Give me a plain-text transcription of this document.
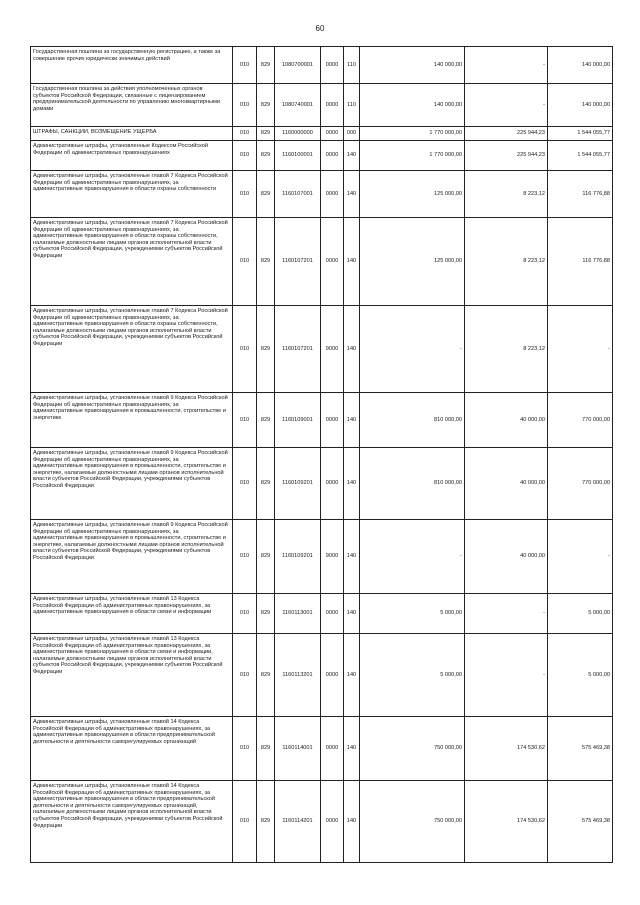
60
Государственная пошлина за государственную регистрацию, а также за совершение прочих юридически значимых действий	010	829	1080700001	0000	110	140 000,00	-	140 000,00
Государственная пошлина за действия уполномоченных органов субъектов Российской Федерации, связанные с лицензированием предпринимательской деятельности по управлению многоквартирными домами	010	829	1080740001	0000	110	140 000,00	-	140 000,00
ШТРАФЫ, САНКЦИИ, ВОЗМЕЩЕНИЕ УЩЕРБА	010	829	1160000000	0000	000	1 770 000,00	225 944,23	1 544 055,77
Административные штрафы, установленные Кодексом Российской Федерации об административных правонарушениях	010	829	1160100001	0000	140	1 770 000,00	225 944,23	1 544 055,77
Административные штрафы, установленные главой 7 Кодекса Российской Федерации об административных правонарушениях, за административные правонарушения в области охраны собственности	010	829	1160107001	0000	140	125 000,00	8 223,12	116 776,88
Административные штрафы, установленные главой 7 Кодекса Российской Федерации об административных правонарушениях, за административные правонарушения в области охраны собственности, налагаемые должностными лицами органов исполнительной власти субъектов Российской Федерации, учреждениями субъектов Российской Федерации	010	829	1160107201	0000	140	125 000,00	8 223,12	116 776,88
Административные штрафы, установленные главой 7 Кодекса Российской Федерации об административных правонарушениях, за административные правонарушения в области охраны собственности, налагаемые должностными лицами органов исполнительной власти субъектов Российской Федерации, учреждениями субъектов Российской Федерации	010	829	1160107201	9000	140	-	8 223,12	-
Административные штрафы, установленные главой 9 Кодекса Российской Федерации об административных правонарушениях, за административные правонарушения в промышленности, строительстве и энергетике	010	829	1160109001	0000	140	810 000,00	40 000,00	770 000,00
Административные штрафы, установленные главой 9 Кодекса Российской Федерации об административных правонарушениях, за административные правонарушения в промышленности, строительстве и энергетике, налагаемые должностными лицами органов исполнительной власти субъектов Российской Федерации, учреждениями субъектов Российской Федерации	010	829	1160109201	0000	140	810 000,00	40 000,00	770 000,00
Административные штрафы, установленные главой 9 Кодекса Российской Федерации об административных правонарушениях, за административные правонарушения в промышленности, строительстве и энергетике, налагаемые должностными лицами органов исполнительной власти субъектов Российской Федерации, учреждениями субъектов Российской Федерации	010	829	1160109201	9000	140	-	40 000,00	-
Административные штрафы, установленные главой 13 Кодекса Российской Федерации об административных правонарушениях, за административные правонарушения в области связи и информации	010	829	1160113001	0000	140	5 000,00	-	5 000,00
Административные штрафы, установленные главой 13 Кодекса Российской Федерации об административных правонарушениях, за административные правонарушения в области связи и информации, налагаемые должностными лицами органов исполнительной власти субъектов Российской Федерации, учреждениями субъектов Российской Федерации	010	829	1160113201	0000	140	5 000,00	-	5 000,00
Административные штрафы, установленные главой 14 Кодекса Российской Федерации об административных правонарушениях, за административные правонарушения в области предпринимательской деятельности и деятельности саморегулируемых организаций	010	829	1160114001	0000	140	750 000,00	174 530,62	575 469,38
Административные штрафы, установленные главой 14 Кодекса Российской Федерации об административных правонарушениях, за административные правонарушения в области предпринимательской деятельности и деятельности саморегулируемых организаций, налагаемые должностными лицами органов исполнительной власти субъектов Российской Федерации, учреждениями субъектов Российской Федерации	010	829	1160114201	0000	140	750 000,00	174 530,62	575 469,38
